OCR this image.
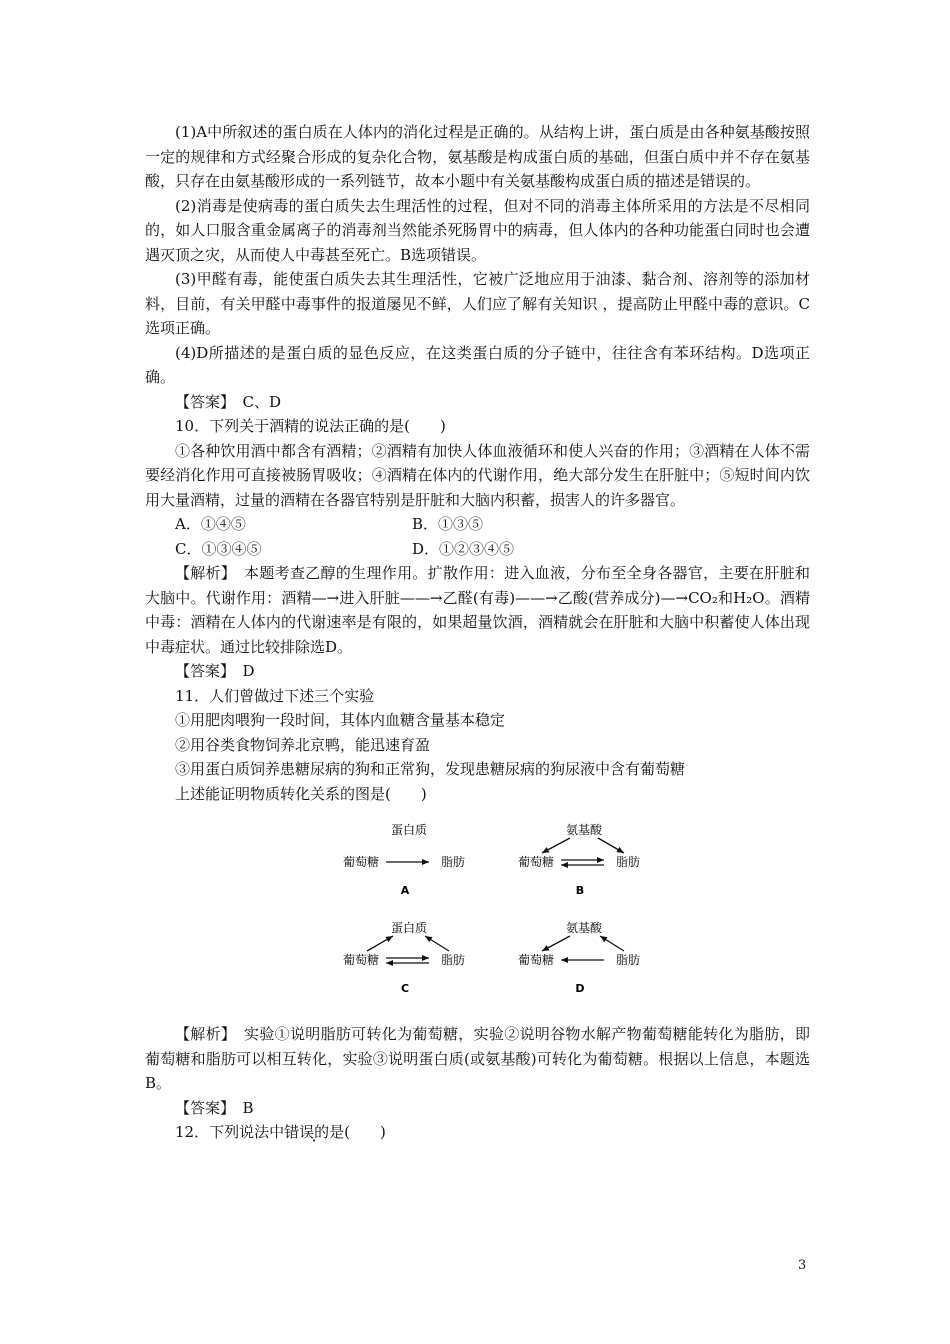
(1)A中所叙述的蛋白质在人体内的消化过程是正确的。从结构上讲，蛋白质是由各种氨基酸按照一定的规律和方式经聚合形成的复杂化合物，氨基酸是构成蛋白质的基础，但蛋白质中并不存在氨基酸，只存在由氨基酸形成的一系列链节，故本小题中有关氨基酸构成蛋白质的描述是错误的。

(2)消毒是使病毒的蛋白质失去生理活性的过程，但对不同的消毒主体所采用的方法是不尽相同的，如人口服含重金属离子的消毒剂当然能杀死肠胃中的病毒，但人体内的各种功能蛋白同时也会遭遇灭顶之灾，从而使人中毒甚至死亡。B选项错误。

(3)甲醛有毒，能使蛋白质失去其生理活性，它被广泛地应用于油漆、黏合剂、溶剂等的添加材料，目前，有关甲醛中毒事件的报道屡见不鲜，人们应了解有关知识 ，提高防止甲醛中毒的意识。C选项正确。

(4)D所描述的是蛋白质的显色反应，在这类蛋白质的分子链中，往往含有苯环结构。D选项正确。

【答案】　 C、D

10．下列关于酒精的说法正确的是(　　)

①各种饮用酒中都含有酒精；②酒精有加快人体血液循环和使人兴奋的作用；③酒精在人体不需要经消化作用可直接被肠胃吸收；④酒精在体内的代谢作用，绝大部分发生在肝脏中；⑤短时间内饮用大量酒精，过量的酒精在各器官特别是肝脏和大脑内积蓄，损害人的许多器官。

A．①④⑤	B．①③⑤
C．①③④⑤	D．①②③④⑤

【解析】　 本题考查乙醇的生理作用。扩散作用：进入血液，分布至全身各器官，主要在肝脏和大脑中。代谢作用：酒精—→进入肝脏——→乙醛(有毒)——→乙酸(营养成分)—→CO₂和H₂O。酒精中毒：酒精在人体内的代谢速率是有限的，如果超量饮酒，酒精就会在肝脏和大脑中积蓄使人体出现中毒症状。通过比较排除选D。

【答案】　 D

11．人们曾做过下述三个实验

①用肥肉喂狗一段时间，其体内血糖含量基本稳定

②用谷类食物饲养北京鸭，能迅速育盈

③用蛋白质饲养患糖尿病的狗和正常狗，发现患糖尿病的狗尿液中含有葡萄糖

上述能证明物质转化关系的图是(　　)

蛋白质
葡萄糖	脂肪
A
氨基酸
葡萄糖	脂肪
B
蛋白质
葡萄糖	脂肪
C
氨基酸
葡萄糖	脂肪
D

【解析】　 实验①说明脂肪可转化为葡萄糖，实验②说明谷物水解产物葡萄糖能转化为脂肪，即葡萄糖和脂肪可以相互转化，实验③说明蛋白质(或氨基酸)可转化为葡萄糖。根据以上信息，本题选B。

【答案】　 B

12．下列说法中错误的是(　　)

3
